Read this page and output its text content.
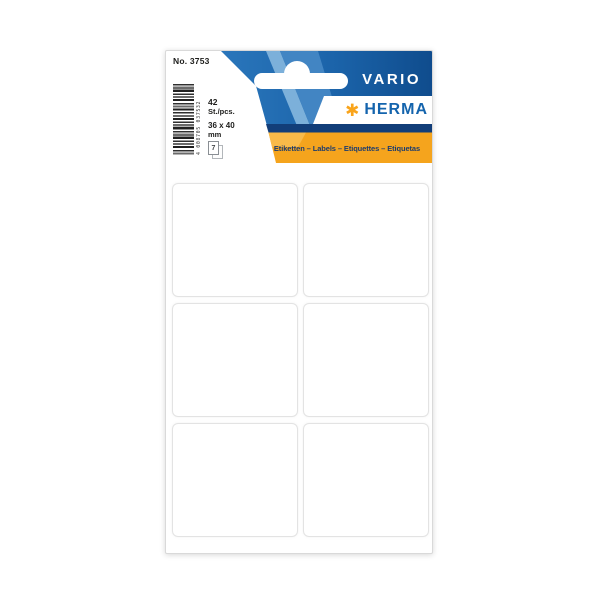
No. 3753
4 008705 037532 42
St./pcs.
36 x 40
mm
7
VARIO
✱ HERMA
Etiketten – Labels – Etiquettes – Etiquetas
